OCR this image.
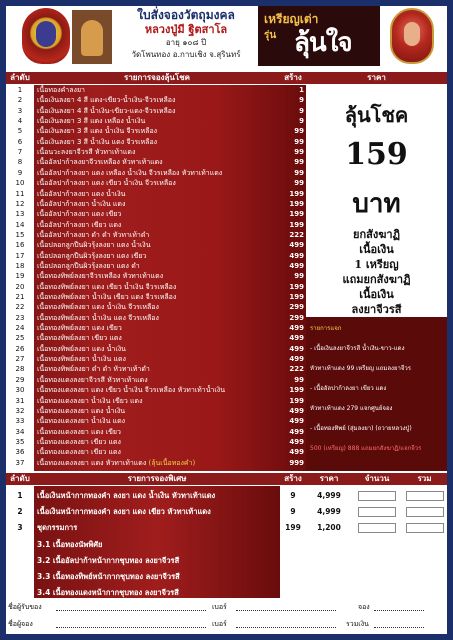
ใบสั่งจองวัตถุมงคล
หลวงปู่มี ฐิตสาโล
อายุ ๑๐๘ ปี
วัดโพนทอง อ.กาบเชิง จ.สุรินทร์
เหรียญเต่า
รุ่น ลุ้นใจ
ลำดับ	รายการจองลุ้นโชค	สร้าง	ราคา
1	เนื้อทองคำลงยา	1
2	เนื้อเงินลงยา 4 สี แดง-เขียว-น้ำเงิน-จีวรเหลือง	9
3	เนื้อเงินลงยา 4 สี น้ำเงิน-เขียว-แดง-จีวรเหลือง	9
4	เนื้อเงินลงยา 3 สี แดง เหลือง น้ำเงิน	9
5	เนื้อเงินลงยา 3 สี แดง น้ำเงิน จีวรเหลือง	99
6	เนื้อเงินลงยา 3 สี น้ำเงิน แดง จีวรเหลือง	99
7	เนื้อนวะลงยาจีวรสี หัวทาเท้าแดง	99
8	เนื้ออัลปาก้าลงยาจีวรเหลือง หัวทาเท้าแดง	99
9	เนื้ออัลปาก้าลงยา แดง เหลือง น้ำเงิน จีวรเหลือง หัวทาเท้าแดง	99
10	เนื้ออัลปาก้าลงยา แดง เขียว น้ำเงิน จีวรเหลือง	99
11	เนื้ออัลปาก้าลงยา แดง น้ำเงิน	199
12	เนื้ออัลปาก้าลงยา น้ำเงิน แดง	199
13	เนื้ออัลปาก้าลงยา แดง เขียว	199
14	เนื้ออัลปาก้าลงยา เขียว แดง	199
15	เนื้ออัลปาก้าลงยา ดำ ดำ หัวทาเท้าดำ	222
16	เนื้อปลอกลูกปืนผิวรุ้งลงยา แดง น้ำเงิน	499
17	เนื้อปลอกลูกปืนผิวรุ้งลงยา แดง เขียว	499
18	เนื้อปลอกลูกปืนผิวรุ้งลงยา แดง ดำ	499
19	เนื้อทองทิพย์ลงยาจีวรเหลือง หัวทาเท้าแดง	99
20	เนื้อทองทิพย์ลงยา แดง เขียว น้ำเงิน จีวรเหลือง	199
21	เนื้อทองทิพย์ลงยา น้ำเงิน เขียว แดง จีวรเหลือง	199
22	เนื้อทองทิพย์ลงยา แดง น้ำเงิน จีวรเหลือง	299
23	เนื้อทองทิพย์ลงยา น้ำเงิน แดง จีวรเหลือง	299
24	เนื้อทองทิพย์ลงยา แดง เขียว	499
25	เนื้อทองทิพย์ลงยา เขียว แดง	499
26	เนื้อทองทิพย์ลงยา แดง น้ำเงิน	499
27	เนื้อทองทิพย์ลงยา น้ำเงิน แดง	499
28	เนื้อทองทิพย์ลงยา ดำ ดำ หัวทาเท้าดำ	222
29	เนื้อทองแดงลงยาจีวรสี หัวทาเท้าแดง	99
30	เนื้อทองแดงลงยา แดง เขียว น้ำเงิน จีวรเหลือง หัวทาเท้าน้ำเงิน	199
31	เนื้อทองแดงลงยา น้ำเงิน เขียว แดง	199
32	เนื้อทองแดงลงยา แดง น้ำเงิน	499
33	เนื้อทองแดงลงยา น้ำเงิน แดง	499
34	เนื้อทองแดงลงยา แดง เขียว	499
35	เนื้อทองแดงลงยา เขียว แดง	499
36	เนื้อทองแดงลงยา เขียว แดง	499
37	เนื้อทองแดงลงยา แดง หัวทาเท้าแดง (ลุ้นเนื้อทองคำ)	999
ลุ้นโชค
159
บาท
ยกสังฆาฏิ
เนื้อเงิน
1 เหรียญ
แถมยกสังฆาฏิ
เนื้อเงิน
ลงยาจีวรสี
รายการแจก
- เนื้อเงินลงยาจีวรสี น้ำเงิน-ขาว-แดง
หัวทาเท้าแดง 99 เหรียญ แถมลงยาจีวร
- เนื้ออัลปาก้าลงยา เขียว แดง
หัวทาเท้าแดง 279 แจกศูนย์จอง
- เนื้อทองทิพย์ (สุ่มลงยา) (ถวายหลวงปู่)
500 (เหรียญ) 888 แถมยกสังฆาฏิ/แจกจีวร
ลำดับ	รายการจองพิเศษ	สร้าง	ราคา	จำนวน	รวม
1	เนื้อเงินหน้ากากทองคำ ลงยา แดง น้ำเงิน หัวทาเท้าแดง	9	4,999
2	เนื้อเงินหน้ากากทองคำ ลงยา แดง เขียว หัวทาเท้าแดง	9	4,999
3	ชุดกรรมการ	199	1,200
3.1 เนื้อทองนัพพิศัย
3.2 เนื้ออัลปาก้าหน้ากากชุบทอง ลงยาจีวรสี
3.3 เนื้อทองทิพย์หน้ากากชุบทอง ลงยาจีวรสี
3.4 เนื้อทองแดงหน้ากากชุบทอง ลงยาจีวรสี
ชื่อผู้รับของ	เบอร์	จอง
ชื่อผู้จอง	เบอร์	รวมเงิน
